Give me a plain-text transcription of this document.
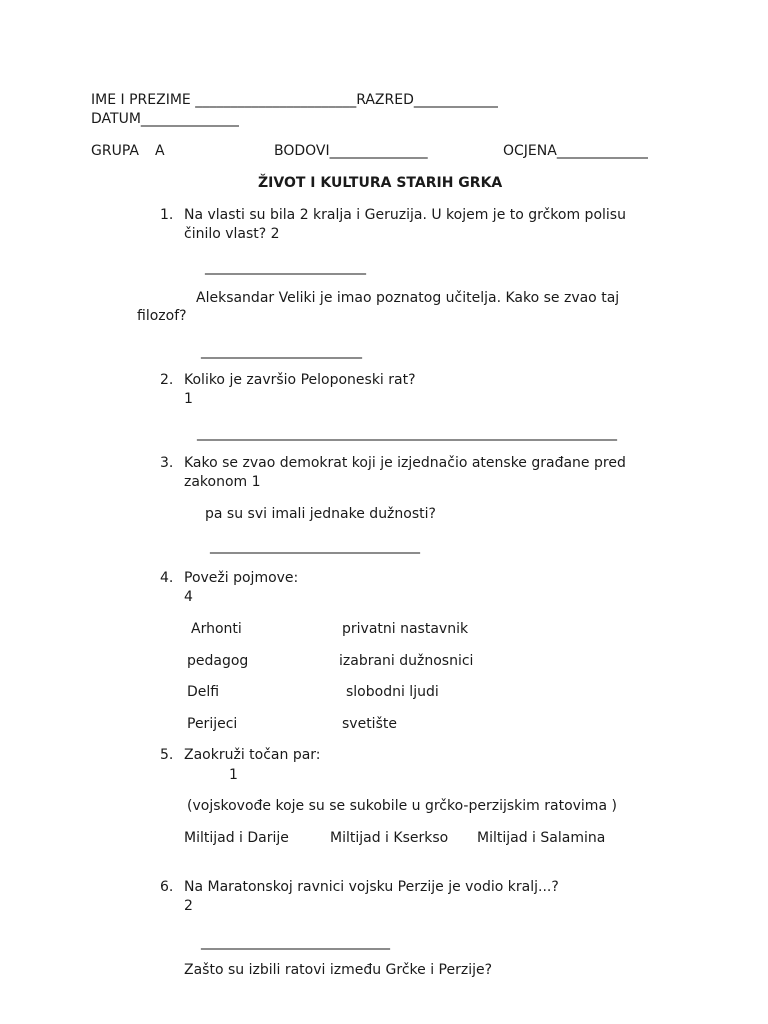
IME I PREZIME _______________________RAZRED____________
DATUM______________
GRUPA A	BODOVI______________	OCJENA_____________
ŽIVOT I KULTURA STARIH GRKA
1. Na vlasti su bila 2 kralja i Geruzija. U kojem je to grčkom polisu
činilo vlast? 2
_______________________
Aleksandar Veliki je imao poznatog učitelja. Kako se zvao taj
filozof?
_______________________
2. Koliko je završio Peloponeski rat?
1
____________________________________________________________
3. Kako se zvao demokrat koji je izjednačio atenske građane pred
zakonom 1
pa su svi imali jednake dužnosti?
______________________________
4. Poveži pojmove:
4
Arhonti	privatni nastavnik
pedagog	izabrani dužnosnici
Delfi	slobodni ljudi
Perijeci	svetište
5. Zaokruži točan par:
1
(vojskovođe koje su se sukobile u grčko-perzijskim ratovima )
Miltijad i Darije	Miltijad i Kserkso Miltijad i Salamina
6. Na Maratonskoj ravnici vojsku Perzije je vodio kralj...?
2
___________________________
Zašto su izbili ratovi između Grčke i Perzije?
